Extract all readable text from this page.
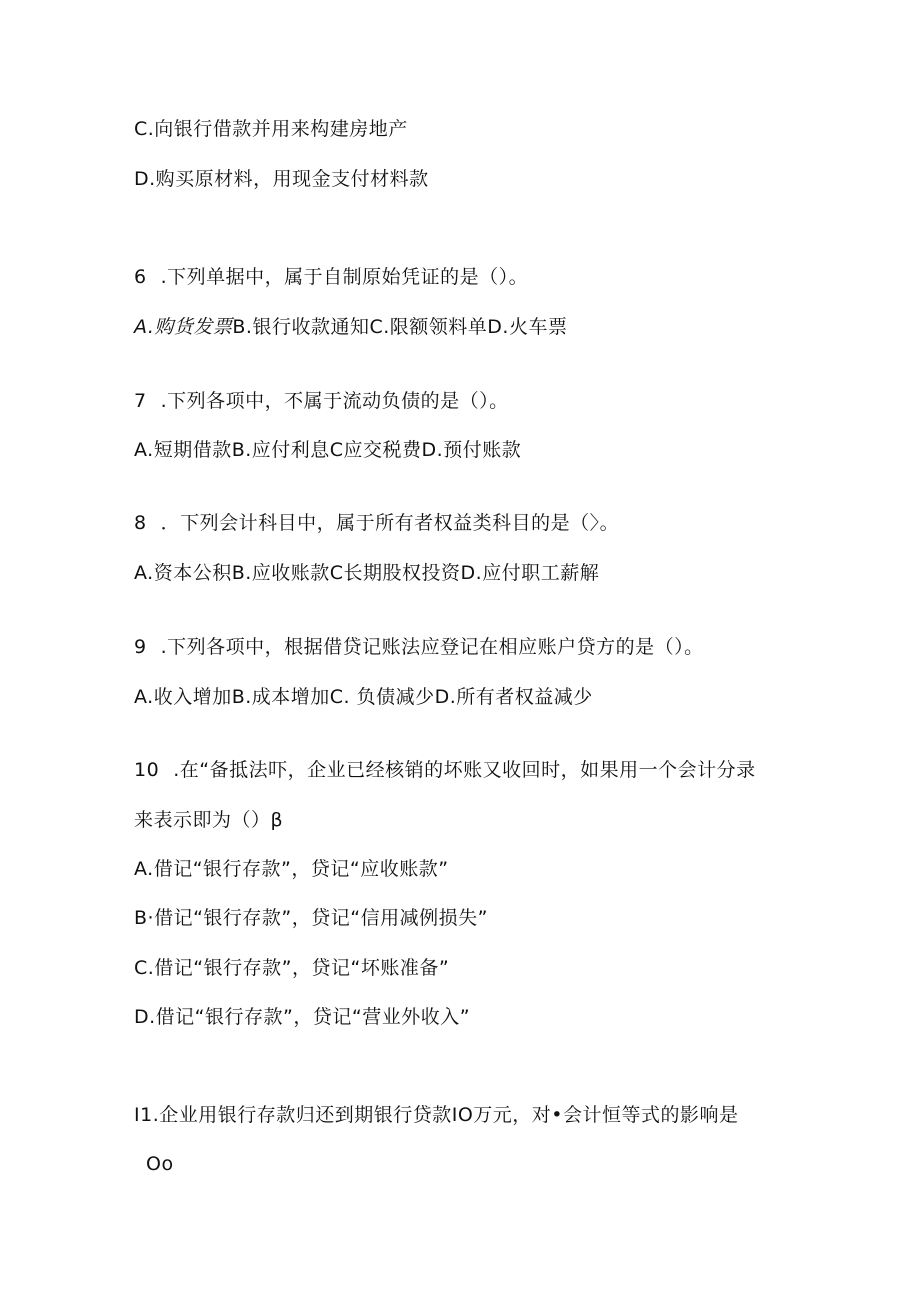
C.向银行借款并用来构建房地产
D.购买原材料，用现金支付材料款
6 .下列单据中，属于自制原始凭证的是（）。
A.购货发票B.银行收款通知C.限额领料单D.火车票
7 .下列各项中，不属于流动负债的是（）。
A.短期借款B.应付利息C应交税费D.预付账款
8 ．下列会计科目中，属于所有者权益类科目的是（〉。
A.资本公积B.应收账款C长期股权投资D.应付职工薪解
9 .下列各项中，根据借贷记账法应登记在相应账户贷方的是（）。
A.收入增加B.成本增加C. 负债减少D.所有者权益减少
10 .在“备抵法吓，企业已经核销的坏账又收回时，如果用一个会计分录
来表示即为（）β
A.借记“银行存款”，贷记“应收账款”
B·借记“银行存款”，贷记“信用减例损失”
C.借记“银行存款”，贷记“坏账准备”
D.借记“银行存款”，贷记“营业外收入”
I1.企业用银行存款归还到期银行贷款IO万元，对•会计恒等式的影响是
Oo
